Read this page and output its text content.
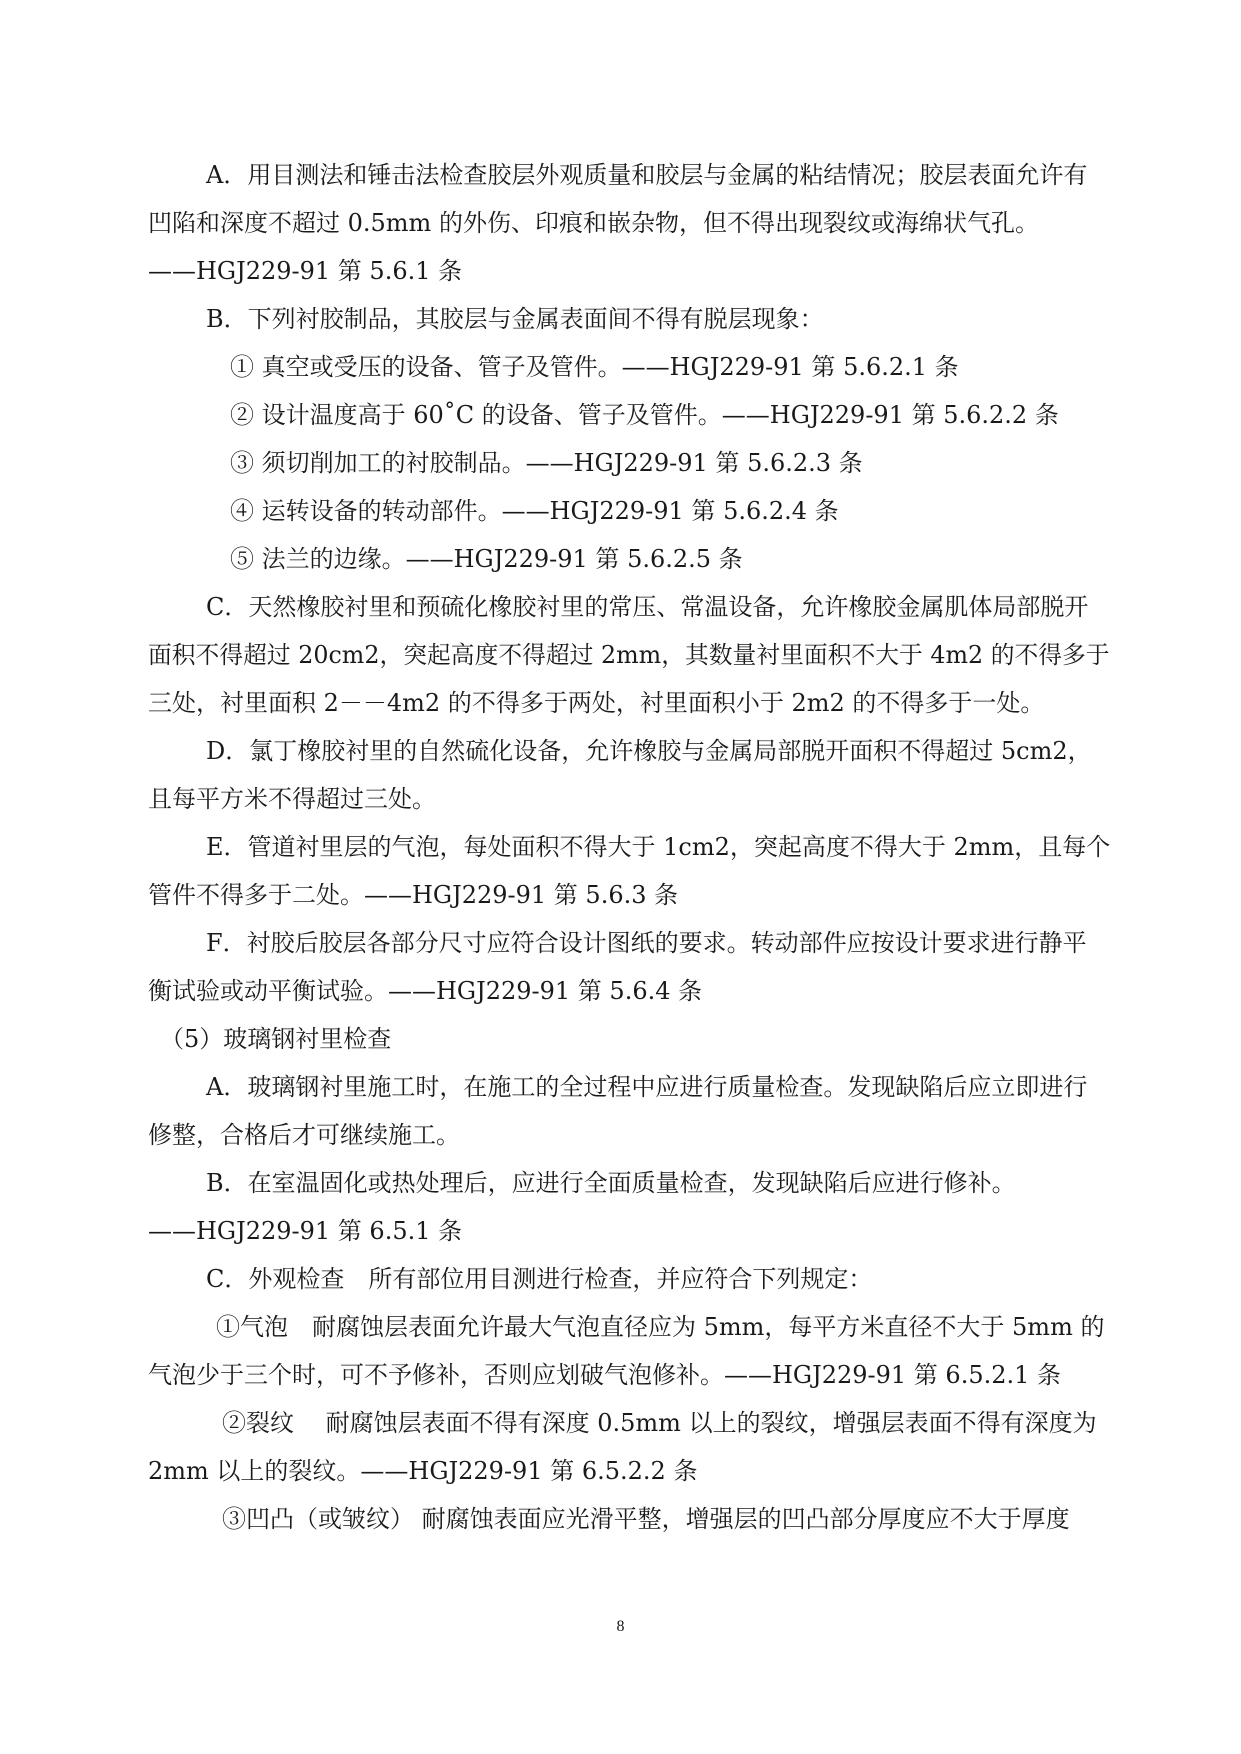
A．用目测法和锤击法检查胶层外观质量和胶层与金属的粘结情况；胶层表面允许有
凹陷和深度不超过 0.5mm 的外伤、印痕和嵌杂物，但不得出现裂纹或海绵状气孔。
——HGJ229-91 第 5.6.1 条
B．下列衬胶制品，其胶层与金属表面间不得有脱层现象：
① 真空或受压的设备、管子及管件。——HGJ229-91 第 5.6.2.1 条
② 设计温度高于 60˚C 的设备、管子及管件。——HGJ229-91 第 5.6.2.2 条
③ 须切削加工的衬胶制品。——HGJ229-91 第 5.6.2.3 条
④ 运转设备的转动部件。——HGJ229-91 第 5.6.2.4 条
⑤ 法兰的边缘。——HGJ229-91 第 5.6.2.5 条
C．天然橡胶衬里和预硫化橡胶衬里的常压、常温设备，允许橡胶金属肌体局部脱开
面积不得超过 20cm2，突起高度不得超过 2mm，其数量衬里面积不大于 4m2 的不得多于
三处，衬里面积 2－－4m2 的不得多于两处，衬里面积小于 2m2 的不得多于一处。
D．氯丁橡胶衬里的自然硫化设备，允许橡胶与金属局部脱开面积不得超过 5cm2，
且每平方米不得超过三处。
E．管道衬里层的气泡，每处面积不得大于 1cm2，突起高度不得大于 2mm，且每个
管件不得多于二处。——HGJ229-91 第 5.6.3 条
F．衬胶后胶层各部分尺寸应符合设计图纸的要求。转动部件应按设计要求进行静平
衡试验或动平衡试验。——HGJ229-91 第 5.6.4 条
（5）玻璃钢衬里检查
A．玻璃钢衬里施工时，在施工的全过程中应进行质量检查。发现缺陷后应立即进行
修整，合格后才可继续施工。
B．在室温固化或热处理后，应进行全面质量检查，发现缺陷后应进行修补。
——HGJ229-91 第 6.5.1 条
C．外观检查　所有部位用目测进行检查，并应符合下列规定：
①气泡　耐腐蚀层表面允许最大气泡直径应为 5mm，每平方米直径不大于 5mm 的
气泡少于三个时，可不予修补，否则应划破气泡修补。——HGJ229-91 第 6.5.2.1 条
②裂纹　 耐腐蚀层表面不得有深度 0.5mm 以上的裂纹，增强层表面不得有深度为
2mm 以上的裂纹。——HGJ229-91 第 6.5.2.2 条
③凹凸（或皱纹） 耐腐蚀表面应光滑平整，增强层的凹凸部分厚度应不大于厚度
8
